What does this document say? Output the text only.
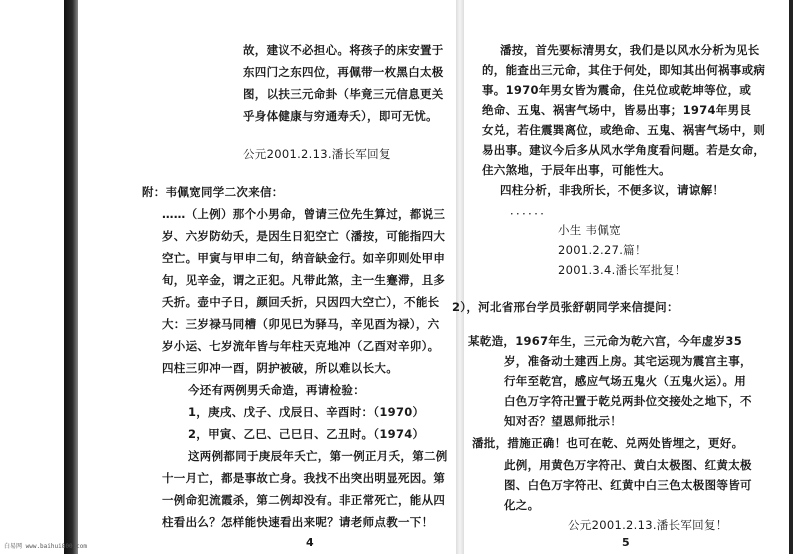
故，建议不必担心。将孩子的床安置于
东四门之东四位，再佩带一枚黑白太极
图，以扶三元命卦（毕竟三元信息更关
乎身体健康与穷通寿夭），即可无忧。
公元2001.2.13.潘长军回复
附：韦佩宽同学二次来信：
……（上例）那个小男命，曾请三位先生算过，都说三
岁、六岁防幼夭，是因生日犯空亡（潘按，可能指四大
空亡。甲寅与甲申二旬，纳音缺金行。如辛卯则处甲申
旬，见辛金，谓之正犯。凡带此煞，主一生蹇滞，且多
夭折。壶中子日，颜回夭折，只因四大空亡），不能长
大：三岁禄马同槽（卯见巳为驿马，辛见酉为禄），六
岁小运、七岁流年皆与年柱天克地冲（乙酉对辛卯）。
四柱三卯冲一酉，阴护被破，所以难以长大。
今还有两例男夭命造，再请检验：
1，庚戌、戊子、戊辰日、辛酉时：（1970）
2，甲寅、乙巳、己巳日、乙丑时。（1974）
这两例都同于庚辰年夭亡，第一例正月夭，第二例
十一月亡，都是事故亡身。我找不出突出明显死因。第
一例命犯流霞杀，第二例却没有。非正常死亡，能从四
柱看出么？怎样能快速看出来呢？请老师点教一下！
4
潘按，首先要标清男女，我们是以风水分析为见长
的，能查出三元命，其住于何处，即知其出何祸事或病
事。1970年男女皆为震命，住兑位或乾坤等位，或
绝命、五鬼、祸害气场中，皆易出事；1974年男艮
女兑，若住震巽离位，或绝命、五鬼、祸害气场中，则
易出事。建议今后多从风水学角度看问题。若是女命，
住六煞地，于辰年出事，可能性大。
四柱分析，非我所长，不便多议，请谅解！
．．．．．．
小生 韦佩宽
2001.2.27.篇！
2001.3.4.潘长军批复！
2），河北省邢台学员张舒朝同学来信提问：
某乾造，1967年生，三元命为乾六宫，今年虚岁35
岁，准备动土建西上房。其宅运现为震宫主事，
行年至乾宫，感应气场五鬼火（五鬼火运）。用
白色万字符卍置于乾兑两卦位交接处之地下，不
知对否？望恩师批示！
潘批，措施正确！也可在乾、兑两处皆埋之，更好。
此例，用黄色万字符卍、黄白太极图、红黄太极
图、白色万字符卍、红黄中白三色太极图等皆可
化之。
公元2001.2.13.潘长军回复！
5
白易网 www.baihui800.com
